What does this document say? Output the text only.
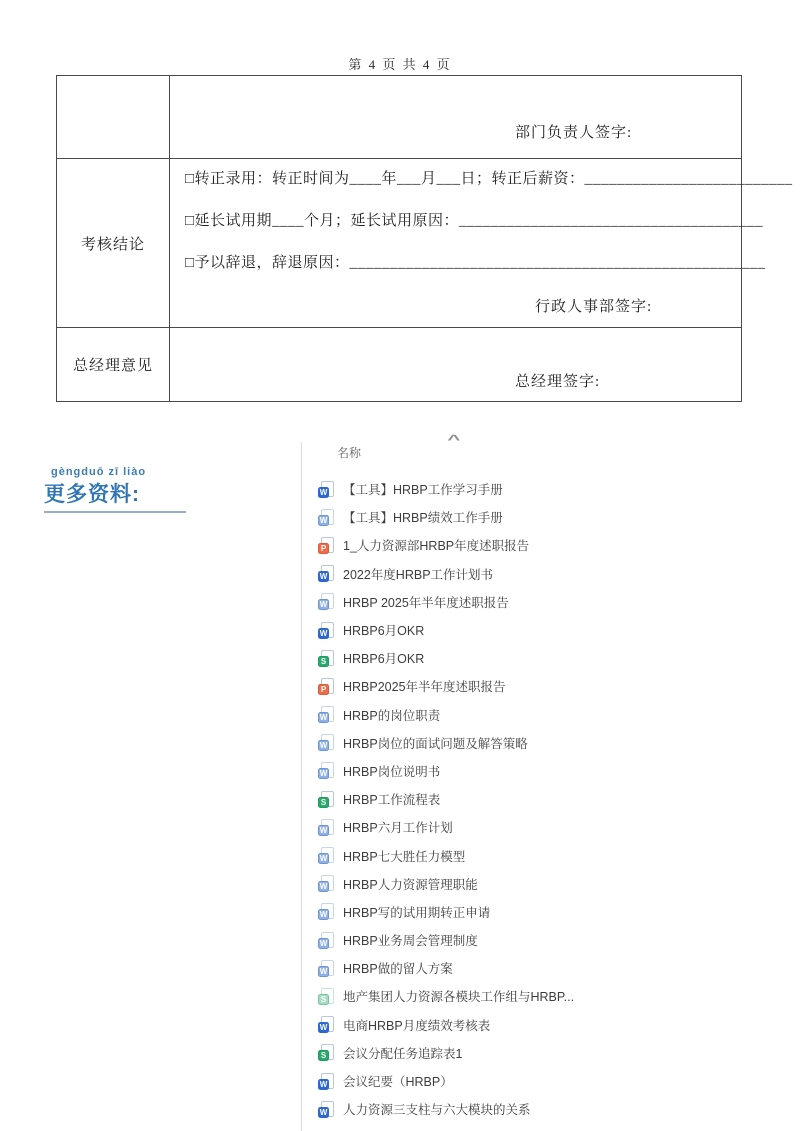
第 4 页 共 4 页
部门负责人签字:
考核结论
□转正录用：转正时间为____年___月___日；转正后薪资：__________________________
□延长试用期____个月；延长试用原因：______________________________________
□予以辞退，辞退原因：____________________________________________________
行政人事部签字:
总经理意见
总经理签字:
gèngduō zī liào
更多资料:
名称
^
W 【工具】HRBP工作学习手册
W 【工具】HRBP绩效工作手册
P 1_人力资源部HRBP年度述职报告
W 2022年度HRBP工作计划书
W HRBP 2025年半年度述职报告
W HRBP6月OKR
S HRBP6月OKR
P HRBP2025年半年度述职报告
W HRBP的岗位职责
W HRBP岗位的面试问题及解答策略
W HRBP岗位说明书
S HRBP工作流程表
W HRBP六月工作计划
W HRBP七大胜任力模型
W HRBP人力资源管理职能
W HRBP写的试用期转正申请
W HRBP业务周会管理制度
W HRBP做的留人方案
S 地产集团人力资源各模块工作组与HRBP...
W 电商HRBP月度绩效考核表
S 会议分配任务追踪表1
W 会议纪要（HRBP）
W 人力资源三支柱与六大模块的关系
